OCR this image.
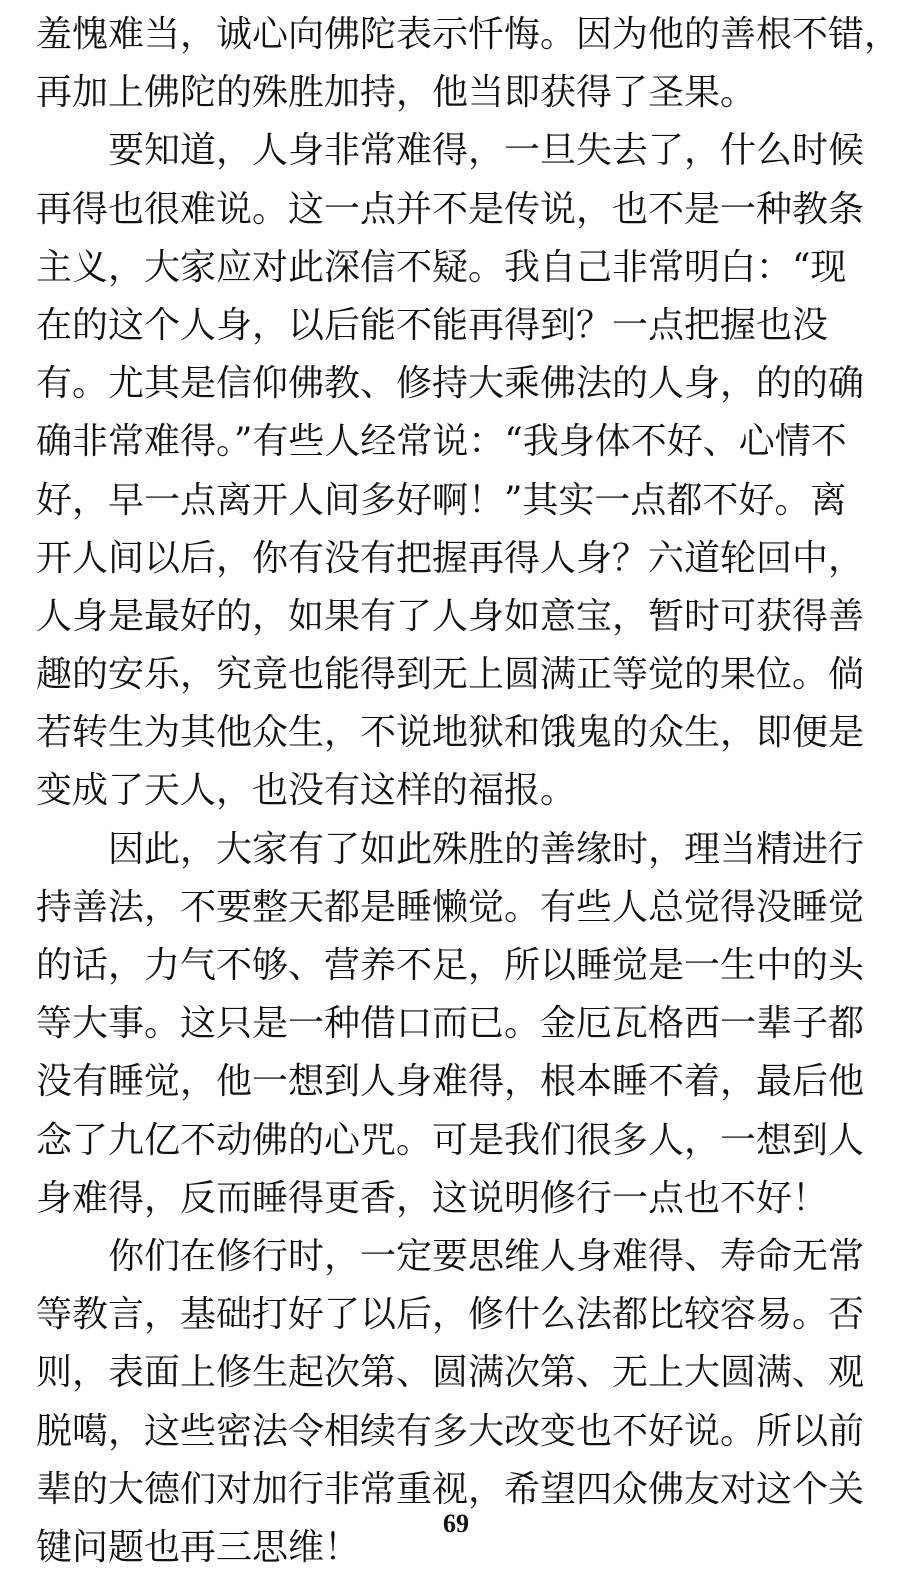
羞愧难当，诚心向佛陀表示忏悔。因为他的善根不错，
再加上佛陀的殊胜加持，他当即获得了圣果。
　　要知道，人身非常难得，一旦失去了，什么时候
再得也很难说。这一点并不是传说，也不是一种教条
主义，大家应对此深信不疑。我自己非常明白：“现
在的这个人身，以后能不能再得到？一点把握也没
有。尤其是信仰佛教、修持大乘佛法的人身，的的确
确非常难得。”有些人经常说：“我身体不好、心情不
好，早一点离开人间多好啊！”其实一点都不好。离
开人间以后，你有没有把握再得人身？六道轮回中，
人身是最好的，如果有了人身如意宝，暂时可获得善
趣的安乐，究竟也能得到无上圆满正等觉的果位。倘
若转生为其他众生，不说地狱和饿鬼的众生，即便是
变成了天人，也没有这样的福报。
　　因此，大家有了如此殊胜的善缘时，理当精进行
持善法，不要整天都是睡懒觉。有些人总觉得没睡觉
的话，力气不够、营养不足，所以睡觉是一生中的头
等大事。这只是一种借口而已。金厄瓦格西一辈子都
没有睡觉，他一想到人身难得，根本睡不着，最后他
念了九亿不动佛的心咒。可是我们很多人，一想到人
身难得，反而睡得更香，这说明修行一点也不好！
　　你们在修行时，一定要思维人身难得、寿命无常
等教言，基础打好了以后，修什么法都比较容易。否
则，表面上修生起次第、圆满次第、无上大圆满、观
脱噶，这些密法令相续有多大改变也不好说。所以前
辈的大德们对加行非常重视，希望四众佛友对这个关
键问题也再三思维！
69
